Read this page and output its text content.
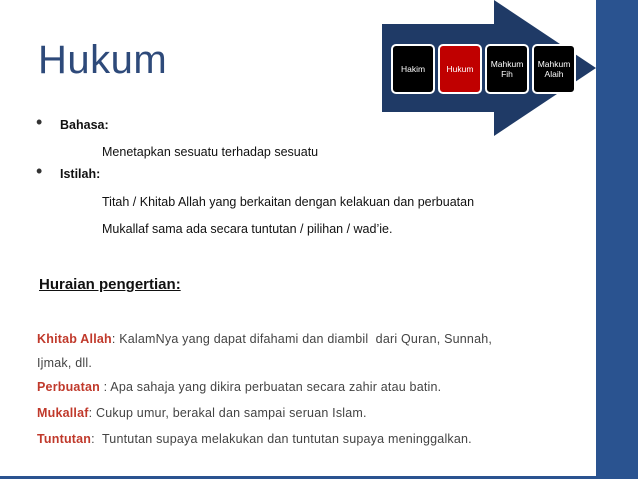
Hukum	Hakim	Hukum Mahkum
Fih
Mahkum
Alaih
• Bahasa:
Menetapkan sesuatu terhadap sesuatu
• Istilah:
Titah / Khitab Allah yang berkaitan dengan kelakuan dan perbuatan
Mukallaf sama ada secara tuntutan / pilihan / wad’ie.
Huraian pengertian:
Khitab Allah: KalamNya yang dapat difahami dan diambil  dari Quran, Sunnah,
Ijmak, dll.
Perbuatan : Apa sahaja yang dikira perbuatan secara zahir atau batin.
Mukallaf: Cukup umur, berakal dan sampai seruan Islam.
Tuntutan:  Tuntutan supaya melakukan dan tuntutan supaya meninggalkan.
